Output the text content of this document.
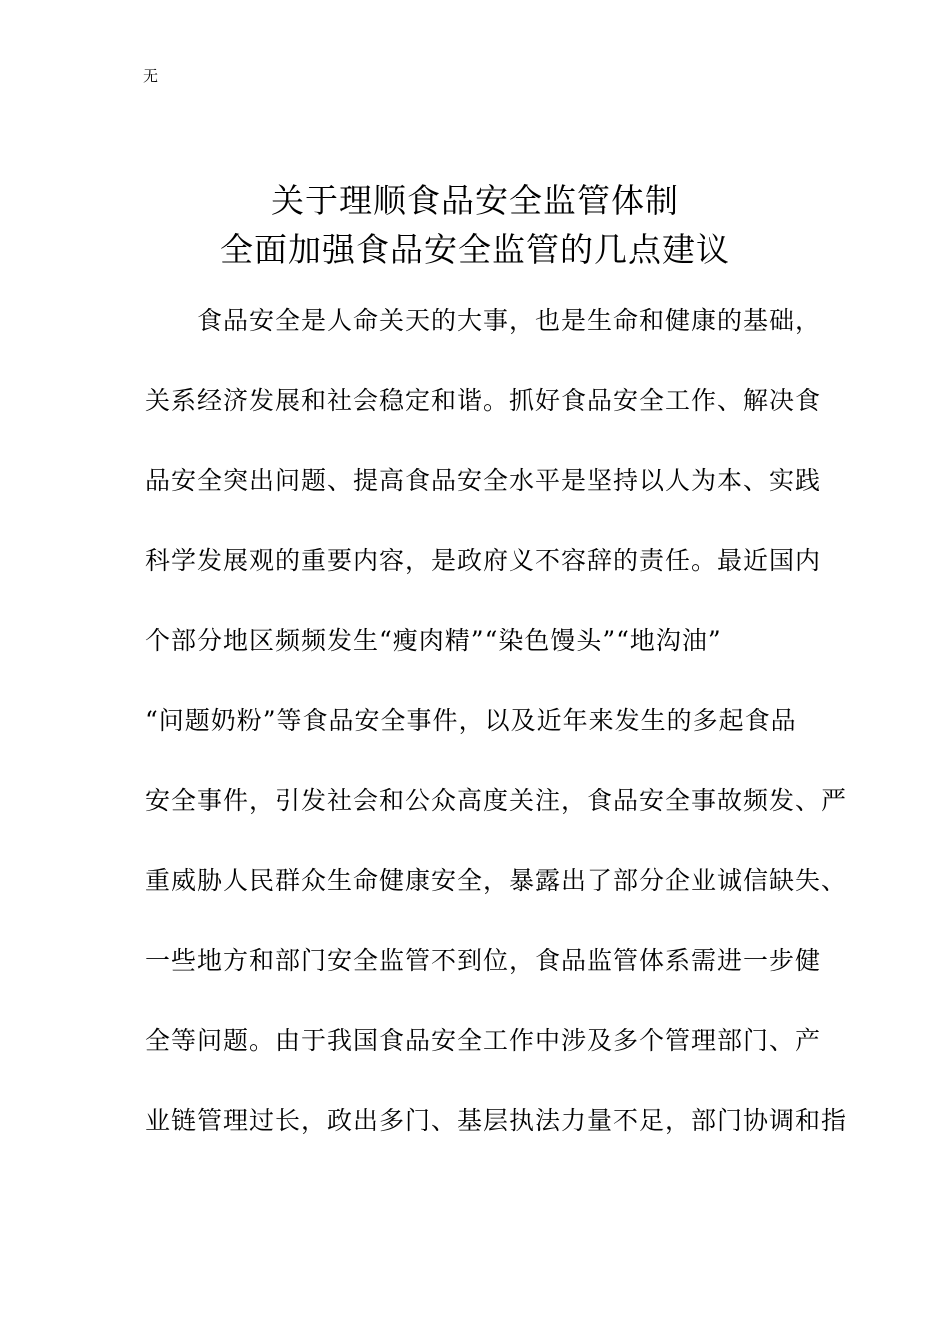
无
关于理顺食品安全监管体制
全面加强食品安全监管的几点建议
　　食品安全是人命关天的大事，也是生命和健康的基础，
关系经济发展和社会稳定和谐。抓好食品安全工作、解决食
品安全突出问题、提高食品安全水平是坚持以人为本、实践
科学发展观的重要内容，是政府义不容辞的责任。最近国内
个部分地区频频发生“瘦肉精”“染色馒头”“地沟油”
“问题奶粉”等食品安全事件，以及近年来发生的多起食品
安全事件，引发社会和公众高度关注，食品安全事故频发、严
重威胁人民群众生命健康安全，暴露出了部分企业诚信缺失、
一些地方和部门安全监管不到位，食品监管体系需进一步健
全等问题。由于我国食品安全工作中涉及多个管理部门、产
业链管理过长，政出多门、基层执法力量不足，部门协调和指
